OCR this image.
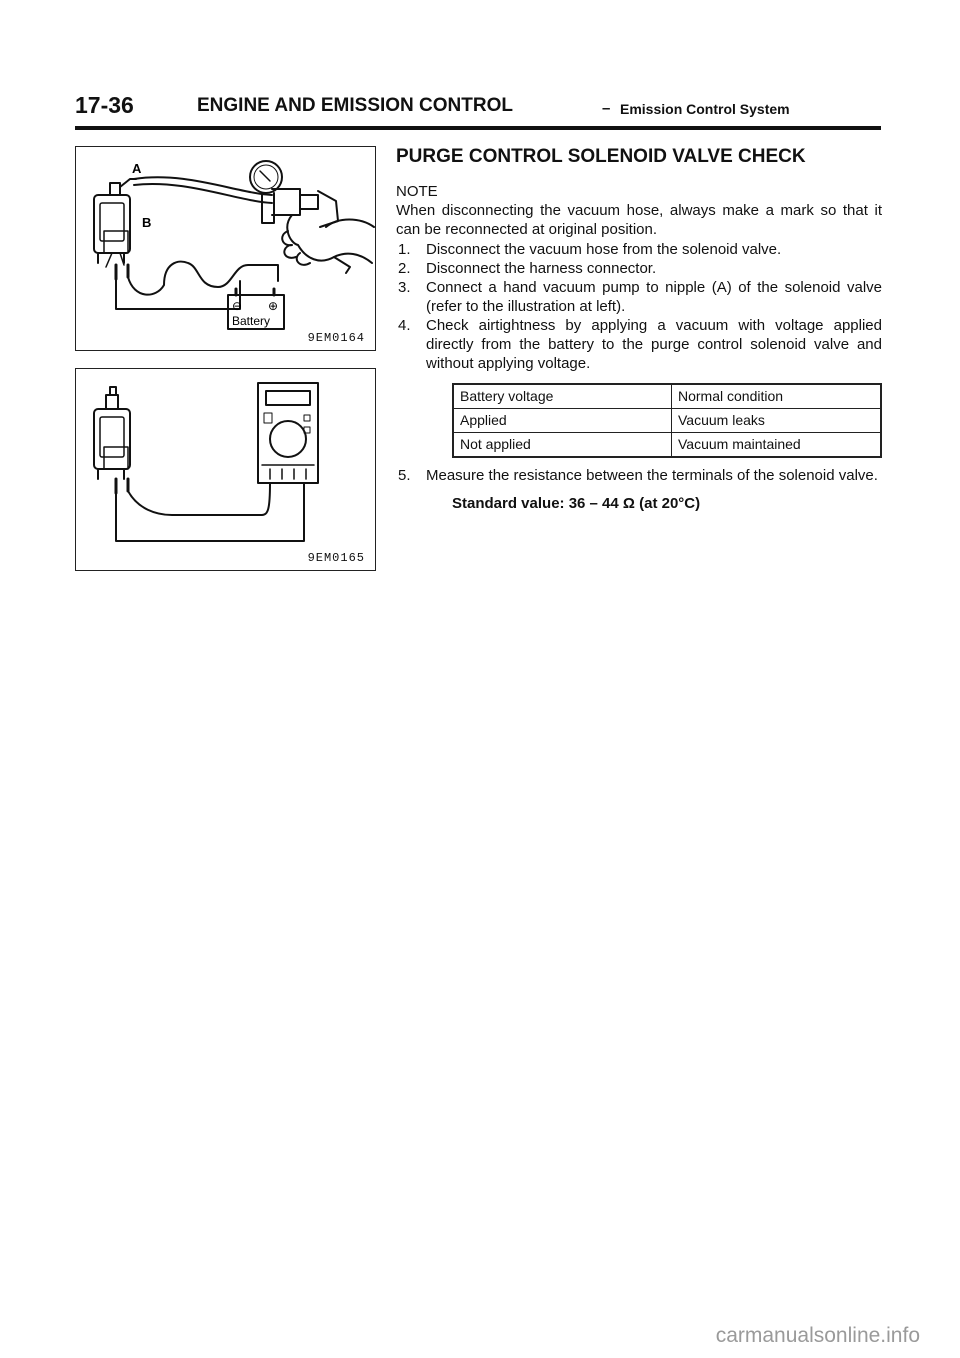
17-36	ENGINE AND EMISSION CONTROL	– Emission Control System
A
B
⊖ ⊕
Battery
9EM0164
9EM0165
PURGE CONTROL SOLENOID VALVE CHECK
NOTE
When disconnecting the vacuum hose, always make a mark so that it can be reconnected at original position.
1.	Disconnect the vacuum hose from the solenoid valve.
2.	Disconnect the harness connector.
3.	Connect a hand vacuum pump to nipple (A) of the solenoid valve (refer to the illustration at left).
4.	Check airtightness by applying a vacuum with voltage applied directly from the battery to the purge control solenoid valve and without applying voltage.
Battery voltage	Normal condition
Applied	Vacuum leaks
Not applied	Vacuum maintained
5.	Measure the resistance between the terminals of the solenoid valve.
Standard value: 36 – 44 Ω (at 20°C)
carmanualsonline.info
